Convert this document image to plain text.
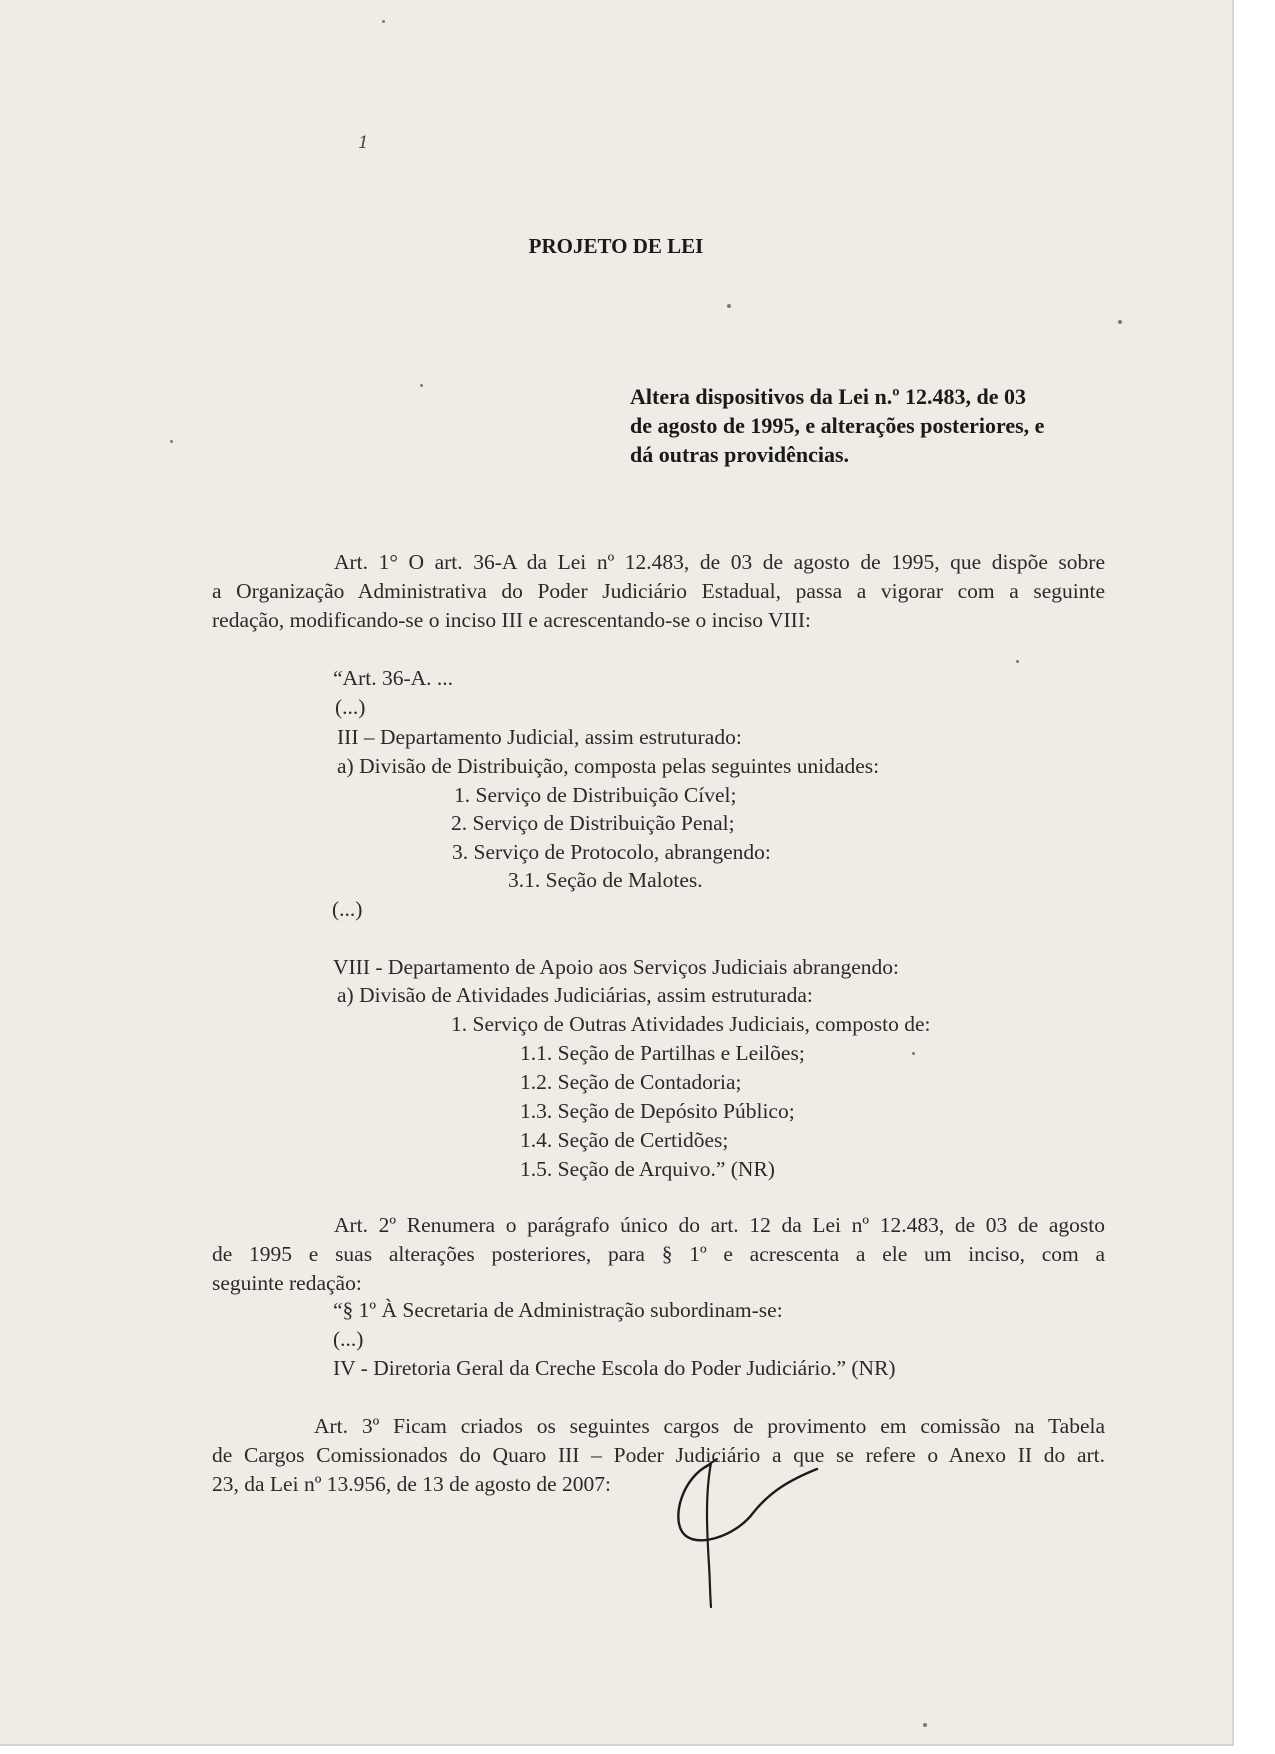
1
PROJETO DE LEI

Altera dispositivos da Lei n.º 12.483, de 03

de agosto de 1995, e alterações posteriores, e

dá outras providências.

Art. 1° O art. 36-A da Lei nº 12.483, de 03 de agosto de 1995, que dispõe sobre
a Organização Administrativa do Poder Judiciário Estadual, passa a vigorar com a seguinte
redação, modificando-se o inciso III e acrescentando-se o inciso VIII:
“Art. 36-A. ...
(...)
III – Departamento Judicial, assim estruturado:
a) Divisão de Distribuição, composta pelas seguintes unidades:
1. Serviço de Distribuição Cível;
2. Serviço de Distribuição Penal;
3. Serviço de Protocolo, abrangendo:
3.1. Seção de Malotes.
(...)
VIII - Departamento de Apoio aos Serviços Judiciais abrangendo:
a) Divisão de Atividades Judiciárias, assim estruturada:
1. Serviço de Outras Atividades Judiciais, composto de:
1.1. Seção de Partilhas e Leilões;
1.2. Seção de Contadoria;
1.3. Seção de Depósito Público;
1.4. Seção de Certidões;
1.5. Seção de Arquivo.” (NR)
Art. 2º Renumera o parágrafo único do art. 12 da Lei nº 12.483, de 03 de agosto
de 1995 e suas alterações posteriores, para § 1º e acrescenta a ele um inciso, com a
seguinte redação:
“§ 1º À Secretaria de Administração subordinam-se:
(...)
IV - Diretoria Geral da Creche Escola do Poder Judiciário.” (NR)
Art. 3º Ficam criados os seguintes cargos de provimento em comissão na Tabela
de Cargos Comissionados do Quaro III – Poder Judiciário a que se refere o Anexo II do art.
23, da Lei nº 13.956, de 13 de agosto de 2007:
